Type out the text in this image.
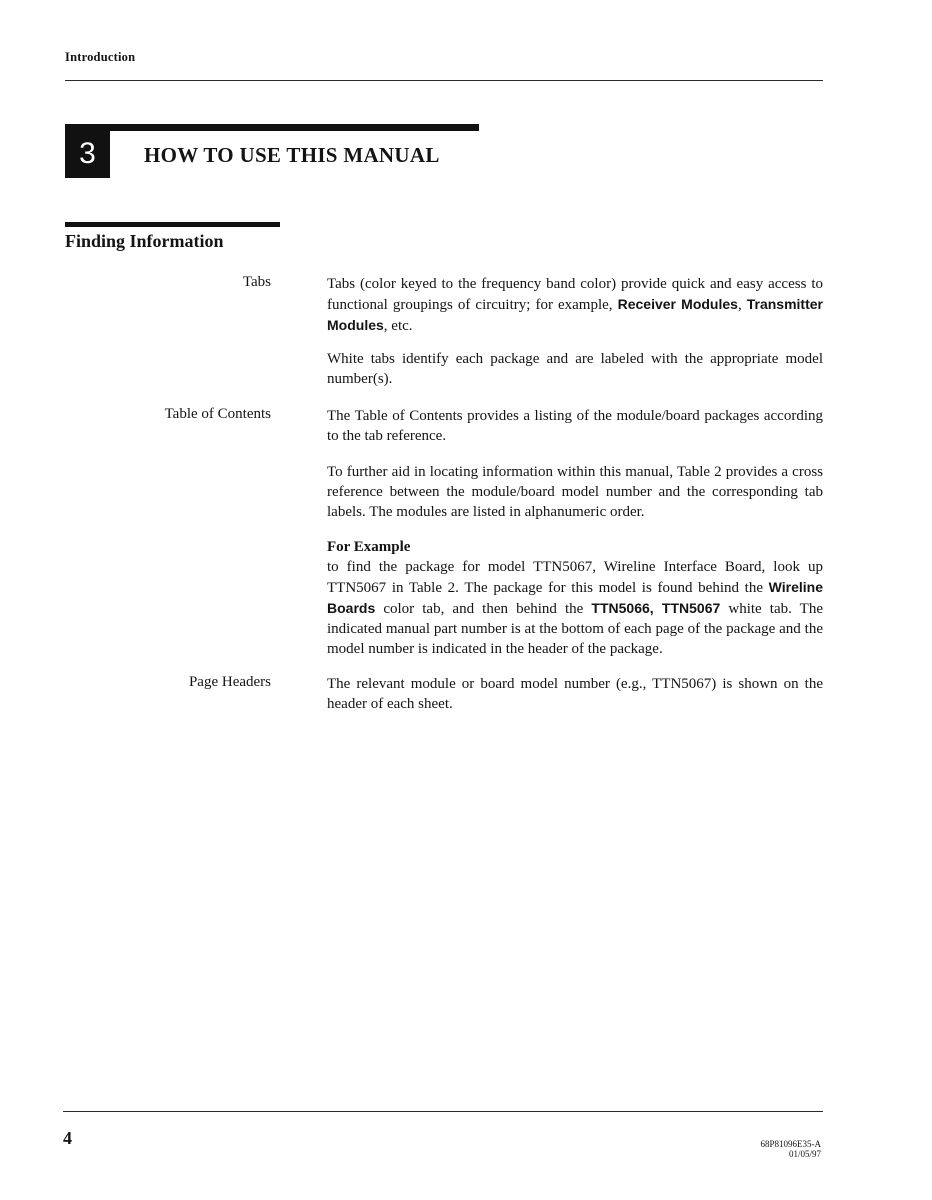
Introduction
3	HOW TO USE THIS MANUAL
Finding Information
Tabs	Tabs (color keyed to the frequency band color) provide quick and easy access to functional groupings of circuitry; for example, Receiver Modules, Transmitter Modules, etc.

White tabs identify each package and are labeled with the appropriate model number(s).

Table of Contents	The Table of Contents provides a listing of the module/board packages according to the tab reference.

To further aid in locating information within this manual, Table 2 provides a cross reference between the module/board model number and the corresponding tab labels. The modules are listed in alphanumeric order.

For Example
to find the package for model TTN5067, Wireline Interface Board, look up TTN5067 in Table 2. The package for this model is found behind the Wireline Boards color tab, and then behind the TTN5066, TTN5067 white tab. The indicated manual part number is at the bottom of each page of the package and the model number is indicated in the header of the package.

Page Headers	The relevant module or board model number (e.g., TTN5067) is shown on the header of each sheet.

4	68P81096E35-A
01/05/97
